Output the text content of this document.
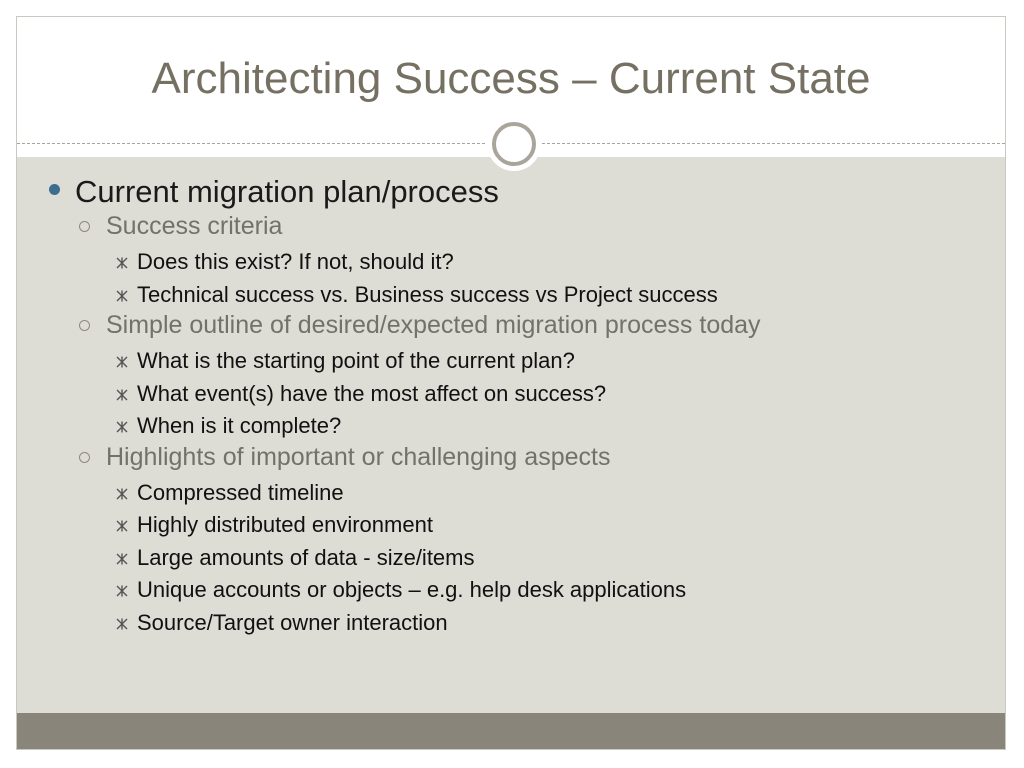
Architecting Success – Current State
Current migration plan/process
Success criteria
Does this exist? If not, should it?
Technical success vs. Business success vs Project success
Simple outline of desired/expected migration process today
What is the starting point of the current plan?
What event(s) have the most affect on success?
When is it complete?
Highlights of important or challenging aspects
Compressed timeline
Highly distributed environment
Large amounts of data - size/items
Unique accounts or objects – e.g. help desk applications
Source/Target owner interaction
